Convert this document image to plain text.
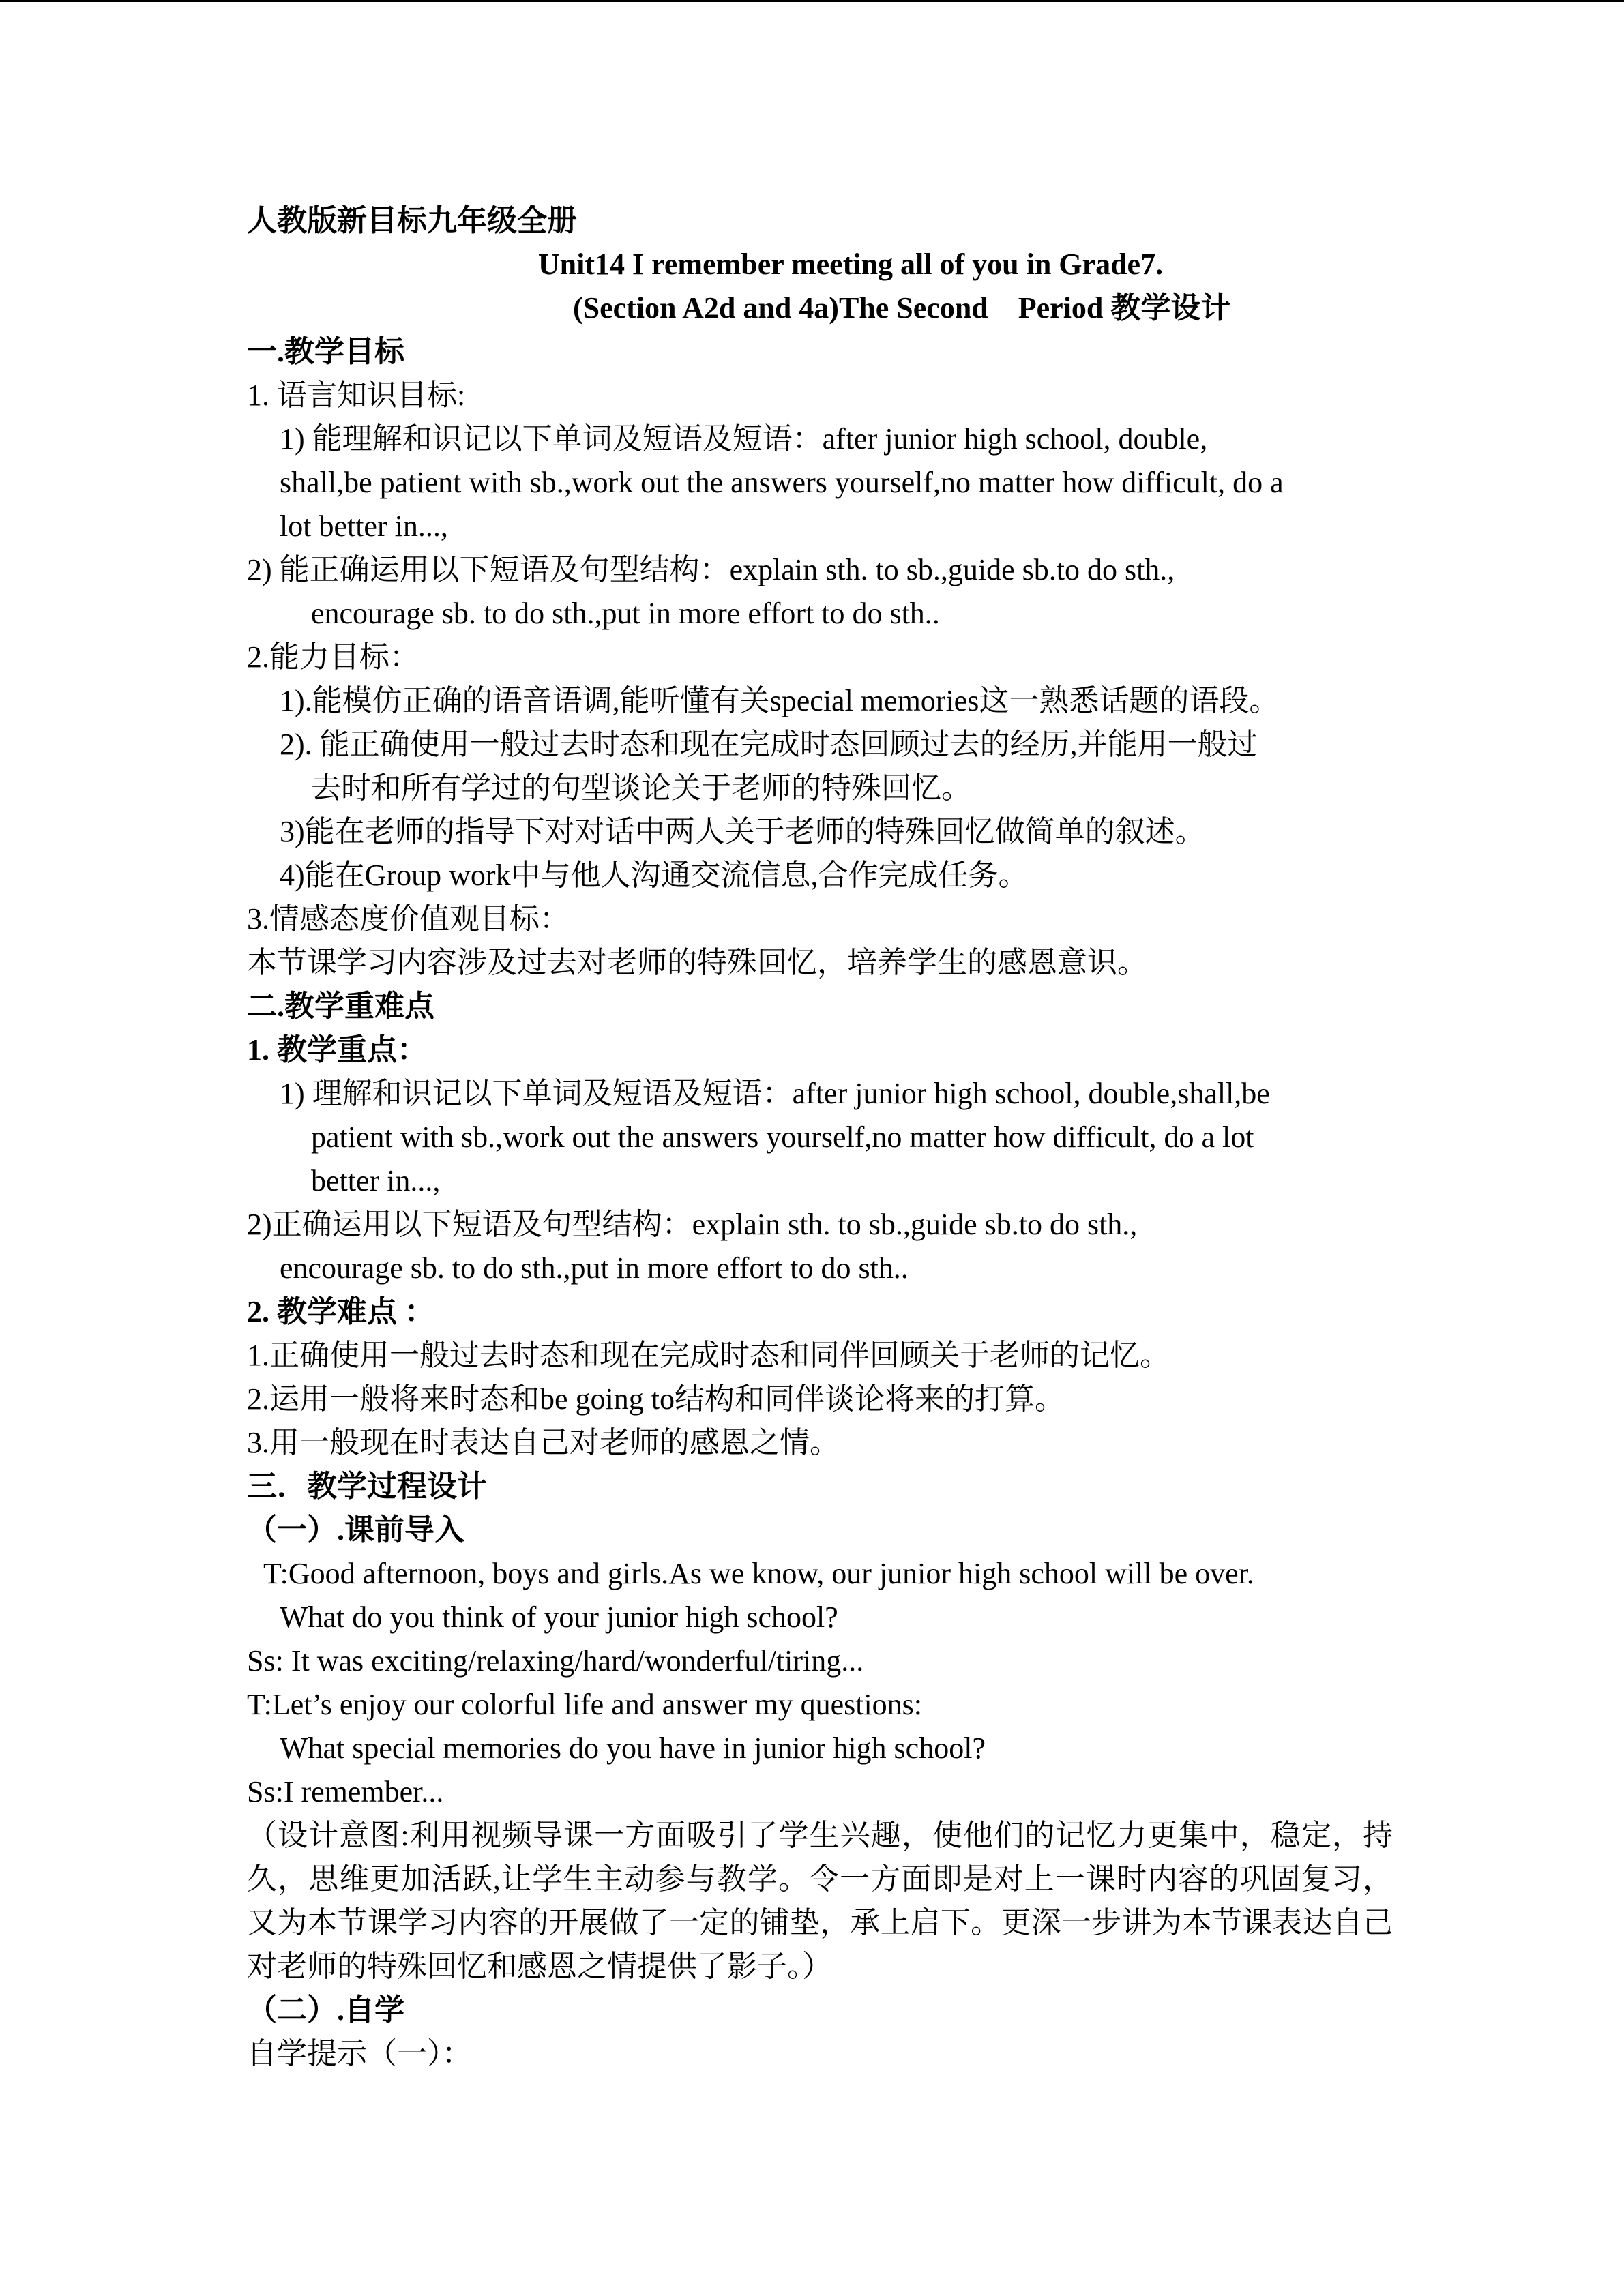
人教版新目标九年级全册
Unit14 I remember meeting all of you in Grade7.
(Section A2d and 4a)The Second　Period 教学设计
一.教学目标
1. 语言知识目标:
1) 能理解和识记以下单词及短语及短语：after junior high school, double,
shall,be patient with sb.,work out the answers yourself,no matter how difficult, do a
lot better in...,
2) 能正确运用以下短语及句型结构：explain sth. to sb.,guide sb.to do sth.,
encourage sb. to do sth.,put in more effort to do sth..
2.能力目标：
1).能模仿正确的语音语调,能听懂有关special memories这一熟悉话题的语段。
2). 能正确使用一般过去时态和现在完成时态回顾过去的经历,并能用一般过
去时和所有学过的句型谈论关于老师的特殊回忆。
3)能在老师的指导下对对话中两人关于老师的特殊回忆做简单的叙述。
4)能在Group work中与他人沟通交流信息,合作完成任务。
3.情感态度价值观目标：
本节课学习内容涉及过去对老师的特殊回忆，培养学生的感恩意识。
二.教学重难点
1. 教学重点：
1) 理解和识记以下单词及短语及短语：after junior high school, double,shall,be
patient with sb.,work out the answers yourself,no matter how difficult, do a lot
better in...,
2)正确运用以下短语及句型结构：explain sth. to sb.,guide sb.to do sth.,
encourage sb. to do sth.,put in more effort to do sth..
2. 教学难点 ：
1.正确使用一般过去时态和现在完成时态和同伴回顾关于老师的记忆。
2.运用一般将来时态和be going to结构和同伴谈论将来的打算。
3.用一般现在时表达自己对老师的感恩之情。
三．教学过程设计
（一）.课前导入
T:Good afternoon, boys and girls.As we know, our junior high school will be over.
What do you think of your junior high school?
Ss: It was exciting/relaxing/hard/wonderful/tiring...
T:Let’s enjoy our colorful life and answer my questions:
What special memories do you have in junior high school?
Ss:I remember...
（设计意图:利用视频导课一方面吸引了学生兴趣，使他们的记忆力更集中，稳定，持久，思维更加活跃,让学生主动参与教学。令一方面即是对上一课时内容的巩固复习，又为本节课学习内容的开展做了一定的铺垫，承上启下。更深一步讲为本节课表达自己对老师的特殊回忆和感恩之情提供了影子。）
（二）.自学
自学提示（一）：
